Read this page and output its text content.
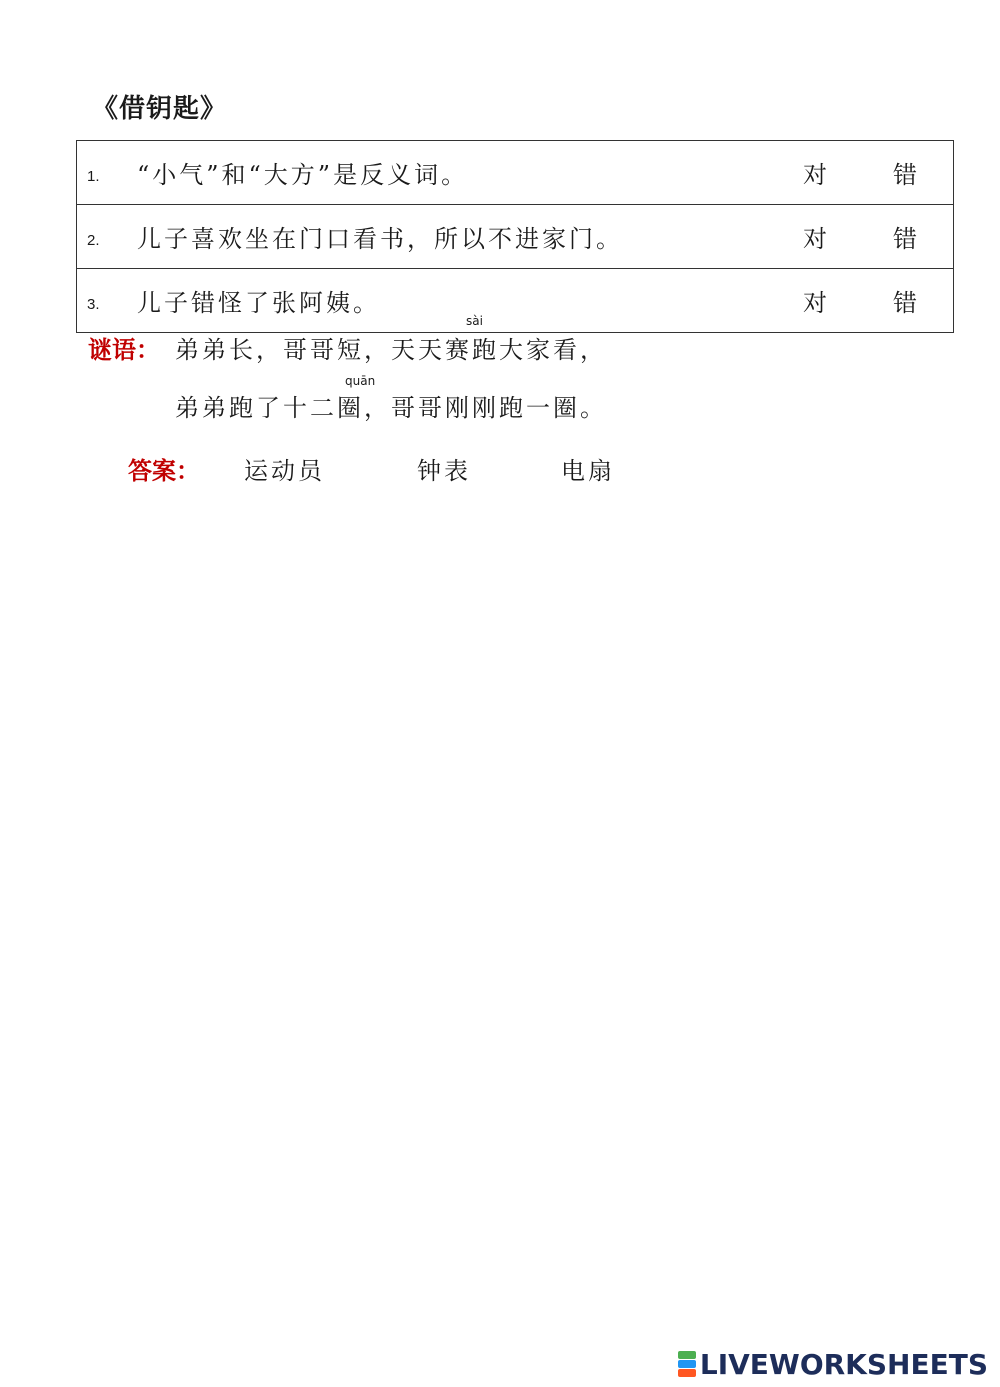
《借钥匙》
1.	“小气”和“大方”是反义词。	对	错
2.	儿子喜欢坐在门口看书，所以不进家门。	对	错
3.	儿子错怪了张阿姨。	对	错
谜语：
sài
弟弟长，哥哥短，天天赛跑大家看，
quān
弟弟跑了十二圈，哥哥刚刚跑一圈。
答案： 运动员	钟表	电扇
LIVEWORKSHEETS
